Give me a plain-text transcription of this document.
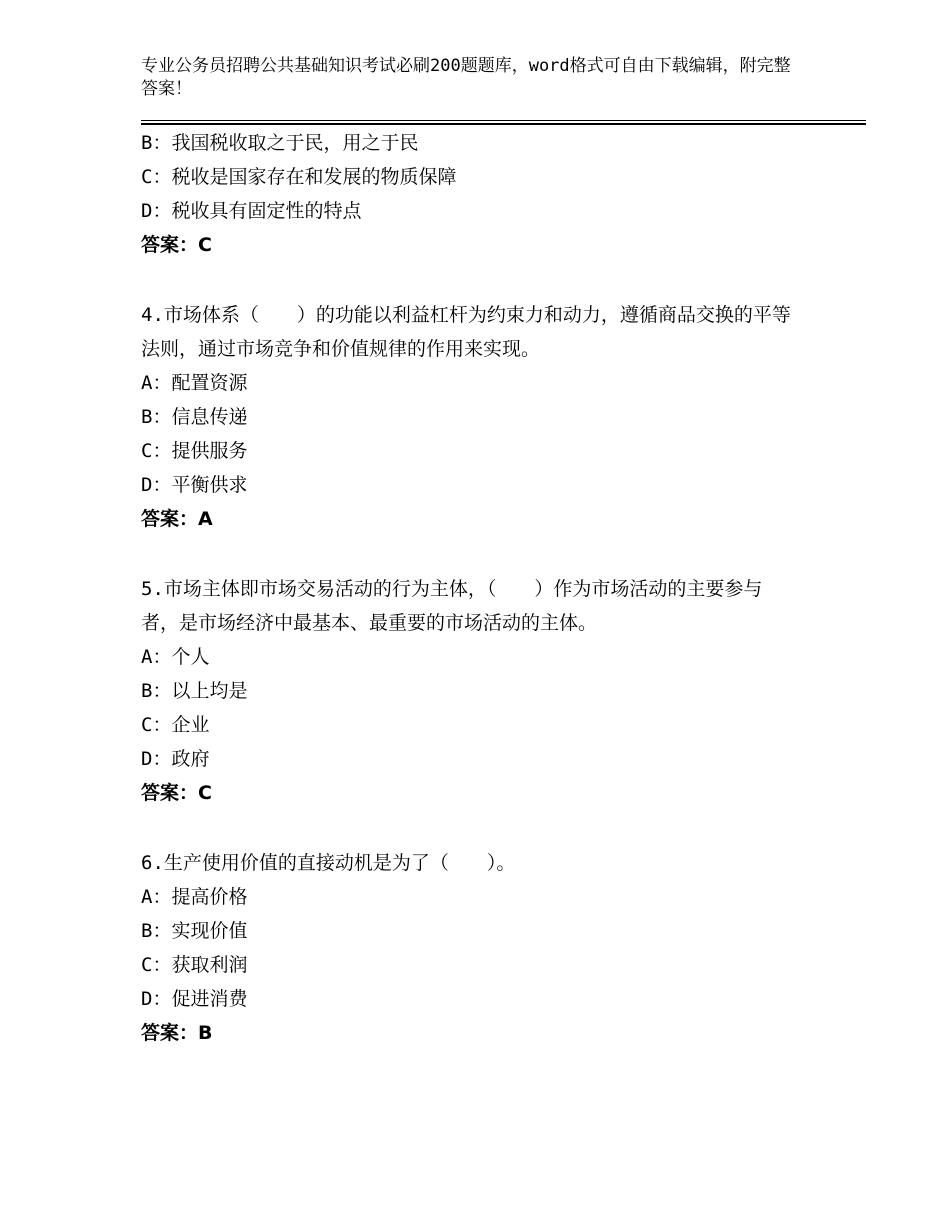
专业公务员招聘公共基础知识考试必刷200题题库，word格式可自由下载编辑，附完整答案！
B：我国税收取之于民，用之于民
C：税收是国家存在和发展的物质保障
D：税收具有固定性的特点
答案：C
4.市场体系（　　）的功能以利益杠杆为约束力和动力，遵循商品交换的平等法则，通过市场竞争和价值规律的作用来实现。
A：配置资源
B：信息传递
C：提供服务
D：平衡供求
答案：A
5.市场主体即市场交易活动的行为主体，（　　）作为市场活动的主要参与者，是市场经济中最基本、最重要的市场活动的主体。
A：个人
B：以上均是
C：企业
D：政府
答案：C
6.生产使用价值的直接动机是为了（　　）。
A：提高价格
B：实现价值
C：获取利润
D：促进消费
答案：B
